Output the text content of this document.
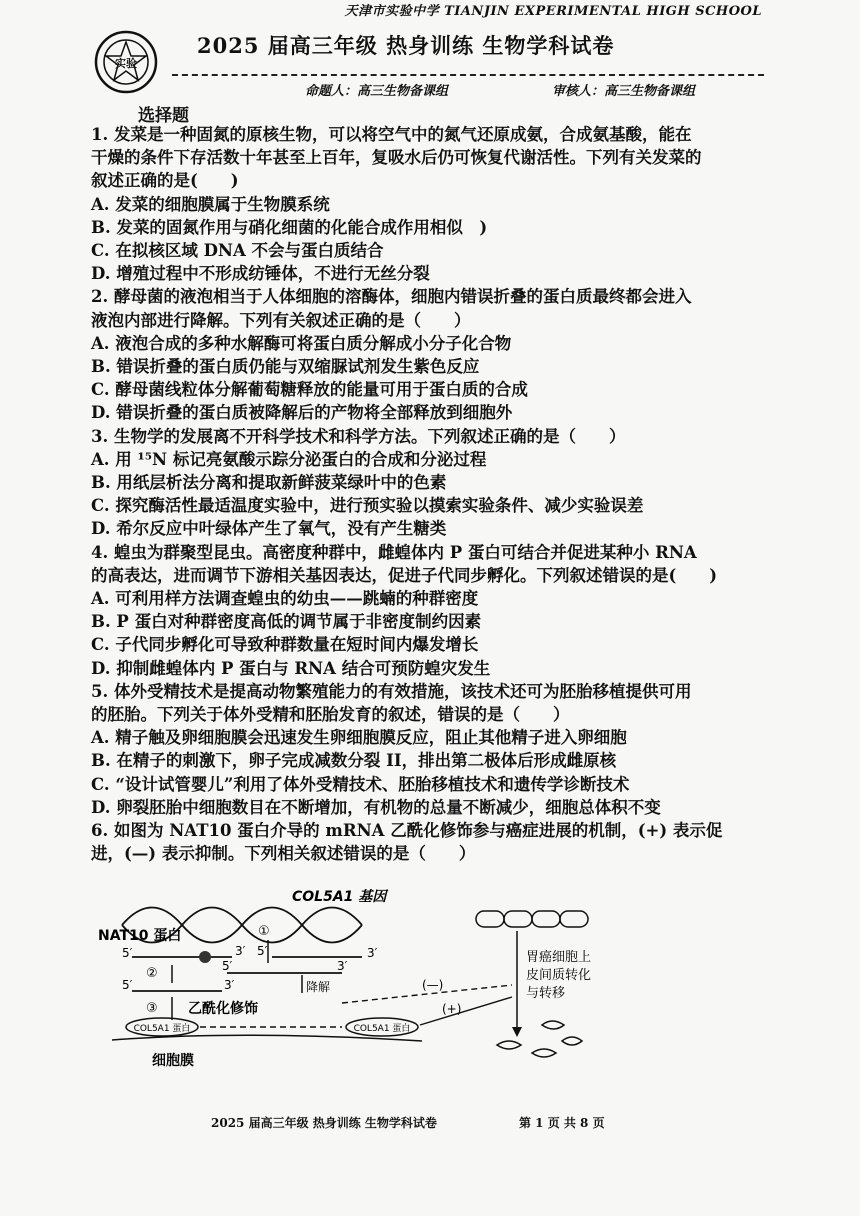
天津市实验中学 TIANJIN EXPERIMENTAL HIGH SCHOOL
实验
2025 届高三年级 热身训练 生物学科试卷
命题人：高三生物备课组	审核人：高三生物备课组
选择题
1. 发菜是一种固氮的原核生物，可以将空气中的氮气还原成氨，合成氨基酸，能在
干燥的条件下存活数十年甚至上百年，复吸水后仍可恢复代谢活性。下列有关发菜的
叙述正确的是(　　)
A. 发菜的细胞膜属于生物膜系统
B. 发菜的固氮作用与硝化细菌的化能合成作用相似　)
C. 在拟核区域 DNA 不会与蛋白质结合
D. 增殖过程中不形成纺锤体，不进行无丝分裂
2. 酵母菌的液泡相当于人体细胞的溶酶体，细胞内错误折叠的蛋白质最终都会进入
液泡内部进行降解。下列有关叙述正确的是（　　）
A. 液泡合成的多种水解酶可将蛋白质分解成小分子化合物
B. 错误折叠的蛋白质仍能与双缩脲试剂发生紫色反应
C. 酵母菌线粒体分解葡萄糖释放的能量可用于蛋白质的合成
D. 错误折叠的蛋白质被降解后的产物将全部释放到细胞外
3. 生物学的发展离不开科学技术和科学方法。下列叙述正确的是（　　）
A. 用 ¹⁵N 标记亮氨酸示踪分泌蛋白的合成和分泌过程
B. 用纸层析法分离和提取新鲜菠菜绿叶中的色素
C. 探究酶活性最适温度实验中，进行预实验以摸索实验条件、减少实验误差
D. 希尔反应中叶绿体产生了氧气，没有产生糖类
4. 蝗虫为群聚型昆虫。高密度种群中，雌蝗体内 P 蛋白可结合并促进某种小 RNA
的高表达，进而调节下游相关基因表达，促进子代同步孵化。下列叙述错误的是(　　)
A. 可利用样方法调查蝗虫的幼虫——跳蝻的种群密度
B. P 蛋白对种群密度高低的调节属于非密度制约因素
C. 子代同步孵化可导致种群数量在短时间内爆发增长
D. 抑制雌蝗体内 P 蛋白与 RNA 结合可预防蝗灾发生
5. 体外受精技术是提高动物繁殖能力的有效措施，该技术还可为胚胎移植提供可用
的胚胎。下列关于体外受精和胚胎发育的叙述，错误的是（　　）
A. 精子触及卵细胞膜会迅速发生卵细胞膜反应，阻止其他精子进入卵细胞
B. 在精子的刺激下，卵子完成减数分裂 II，排出第二极体后形成雌原核
C. “设计试管婴儿”利用了体外受精技术、胚胎移植技术和遗传学诊断技术
D. 卵裂胚胎中细胞数目在不断增加，有机物的总量不断减少，细胞总体积不变
6. 如图为 NAT10 蛋白介导的 mRNA 乙酰化修饰参与癌症进展的机制，(+) 表示促
进，(—) 表示抑制。下列相关叙述错误的是（　　）
COL5A1 基因
NAT10 蛋白	①
5′	3′ 5′	3′
②	5′	3′
降解
5′	3′
③ 乙酰化修饰
(—)
COL5A1 蛋白	COL5A1 蛋白
(+)
细胞膜
胃癌细胞上
皮间质转化
与转移
2025 届高三年级 热身训练 生物学科试卷	第 1 页 共 8 页
